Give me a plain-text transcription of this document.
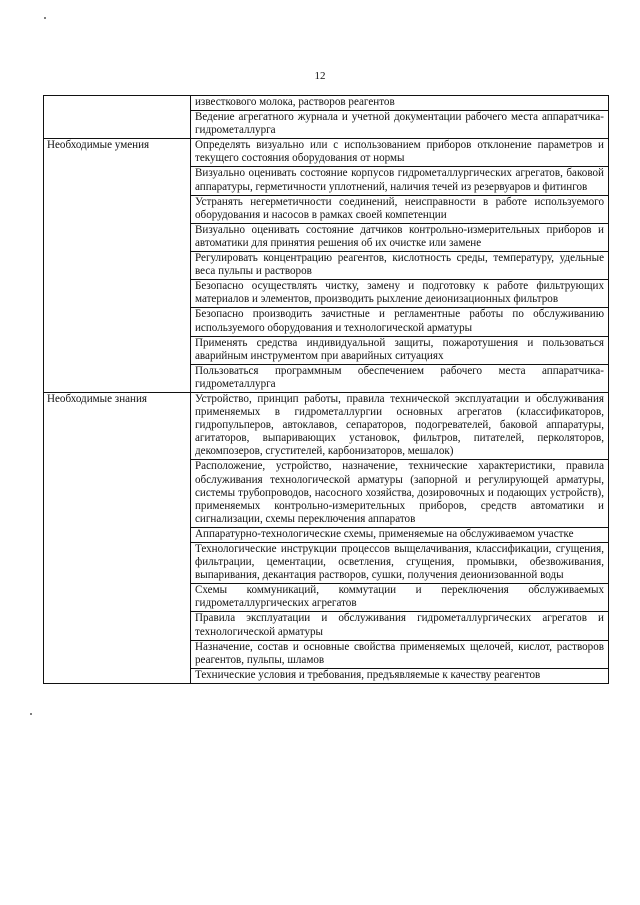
12
	известкового молока, растворов реагентов
	Ведение агрегатного журнала и учетной документации рабочего места аппаратчика-гидрометаллурга
Необходимые умения	Определять визуально или с использованием приборов отклонение параметров и текущего состояния оборудования от нормы
	Визуально оценивать состояние корпусов гидрометаллургических агрегатов, баковой аппаратуры, герметичности уплотнений, наличия течей из резервуаров и фитингов
	Устранять негерметичности соединений, неисправности в работе используемого оборудования и насосов в рамках своей компетенции
	Визуально оценивать состояние датчиков контрольно-измерительных приборов и автоматики для принятия решения об их очистке или замене
	Регулировать концентрацию реагентов, кислотность среды, температуру, удельные веса пульпы и растворов
	Безопасно осуществлять чистку, замену и подготовку к работе фильтрующих материалов и элементов, производить рыхление деионизационных фильтров
	Безопасно производить зачистные и регламентные работы по обслуживанию используемого оборудования и технологической арматуры
	Применять средства индивидуальной защиты, пожаротушения и пользоваться аварийным инструментом при аварийных ситуациях
	Пользоваться программным обеспечением рабочего места аппаратчика-гидрометаллурга
Необходимые знания	Устройство, принцип работы, правила технической эксплуатации и обслуживания применяемых в гидрометаллургии основных агрегатов (классификаторов, гидропульперов, автоклавов, сепараторов, подогревателей, баковой аппаратуры, агитаторов, выпаривающих установок, фильтров, питателей, перколяторов, декомпозеров, сгустителей, карбонизаторов, мешалок)
	Расположение, устройство, назначение, технические характеристики, правила обслуживания технологической арматуры (запорной и регулирующей арматуры, системы трубопроводов, насосного хозяйства, дозировочных и подающих устройств), применяемых контрольно-измерительных приборов, средств автоматики и сигнализации, схемы переключения аппаратов
	Аппаратурно-технологические схемы, применяемые на обслуживаемом участке
	Технологические инструкции процессов выщелачивания, классификации, сгущения, фильтрации, цементации, осветления, сгущения, промывки, обезвоживания, выпаривания, декантация растворов, сушки, получения деионизованной воды
	Схемы коммуникаций, коммутации и переключения обслуживаемых гидрометаллургических агрегатов
	Правила эксплуатации и обслуживания гидрометаллургических агрегатов и технологической арматуры
	Назначение, состав и основные свойства применяемых щелочей, кислот, растворов реагентов, пульпы, шламов
	Технические условия и требования, предъявляемые к качеству реагентов
